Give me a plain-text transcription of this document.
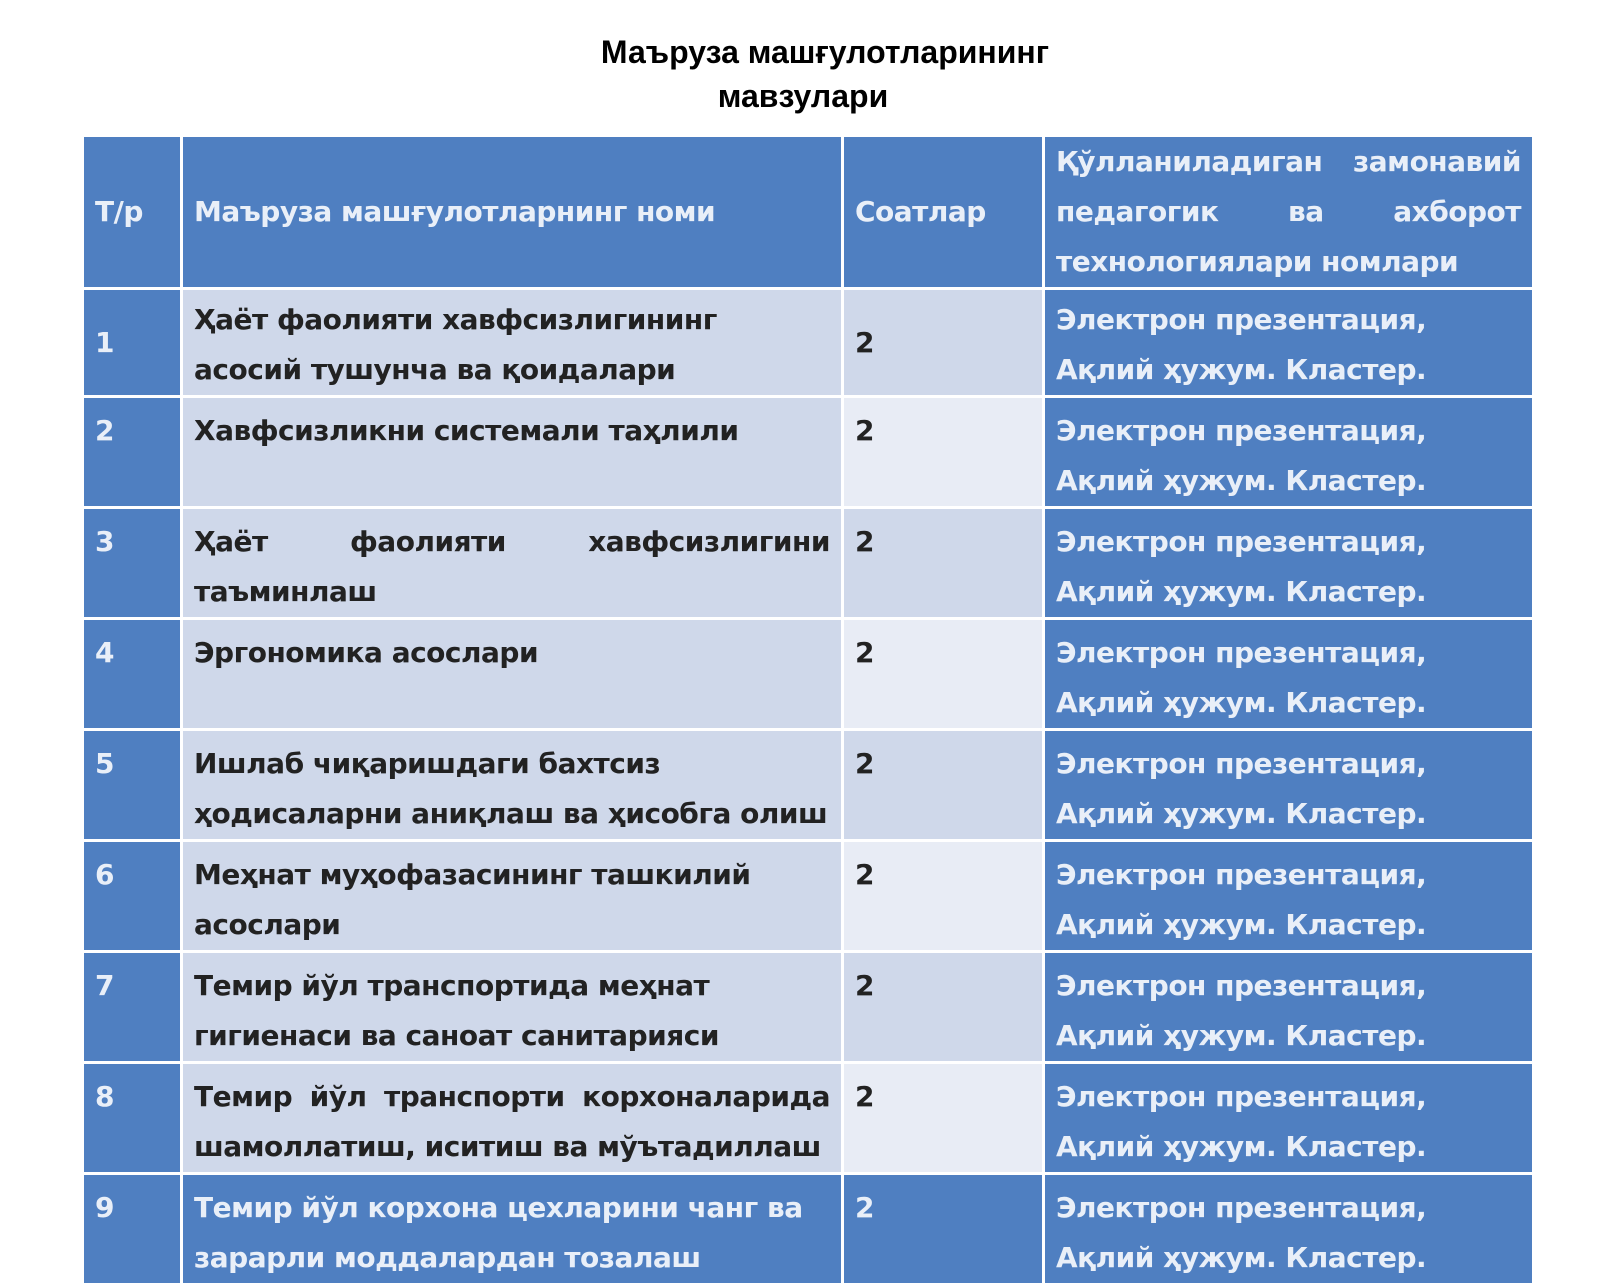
Маъруза машғулотларининг
мавзулари
Т/р	Маъруза машғулотларнинг номи	Соатлар	Қўлланиладиган замонавий педагогик ва ахборот технологиялари номлари
1	Ҳаёт фаолияти хавфсизлигининг асосий тушунча ва қоидалари	2	Электрон презентация, Ақлий ҳужум. Кластер.
2	Хавфсизликни системали таҳлили	2	Электрон презентация, Ақлий ҳужум. Кластер.
3	Ҳаёт фаолияти хавфсизлигини таъминлаш	2	Электрон презентация, Ақлий ҳужум. Кластер.
4	Эргономика асослари	2	Электрон презентация, Ақлий ҳужум. Кластер.
5	Ишлаб чиқаришдаги бахтсиз ҳодисаларни аниқлаш ва ҳисобга олиш	2	Электрон презентация, Ақлий ҳужум. Кластер.
6	Меҳнат муҳофазасининг ташкилий асослари	2	Электрон презентация, Ақлий ҳужум. Кластер.
7	Темир йўл транспортида меҳнат гигиенаси ва саноат санитарияси	2	Электрон презентация, Ақлий ҳужум. Кластер.
8	Темир йўл транспорти корхоналарида шамоллатиш, иситиш ва мўътадиллаш	2	Электрон презентация, Ақлий ҳужум. Кластер.
9	Темир йўл корхона цехларини чанг ва зарарли моддалардан тозалаш	2	Электрон презентация, Ақлий ҳужум. Кластер.
